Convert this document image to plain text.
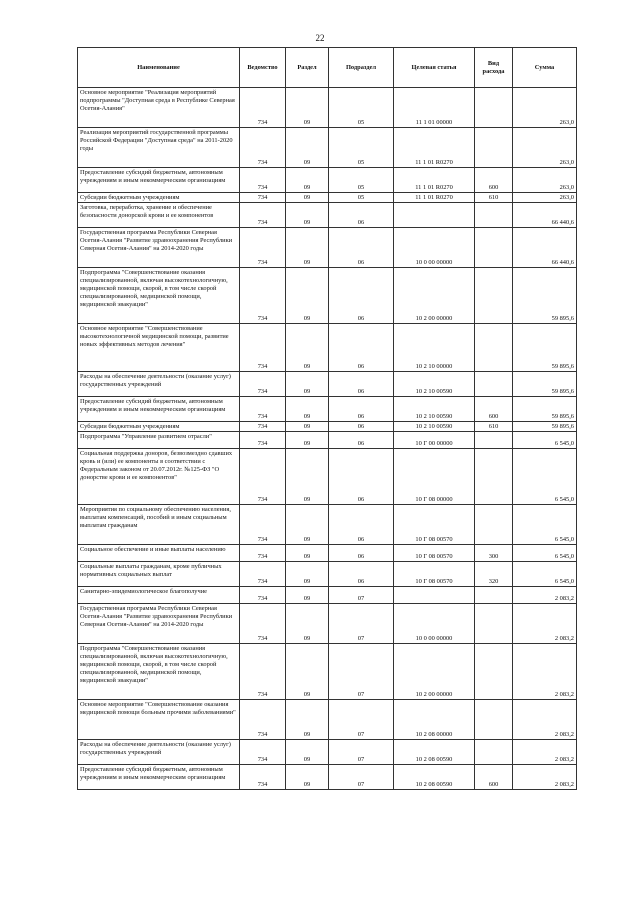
22
Наименование	Ведомство	Раздел	Подраздел	Целевая статья	Вид расхода	Сумма
Основное мероприятие "Реализация мероприятий подпрограммы "Доступная среда в Республике Северная Осетия-Алания"	734	09	05	11 1 01 00000		263,0
Реализация мероприятий государственной программы Российской Федерации "Доступная среда" на 2011-2020 годы	734	09	05	11 1 01 R0270		263,0
Предоставление субсидий бюджетным, автономным учреждениям и иным некоммерческим организациям	734	09	05	11 1 01 R0270	600	263,0
Субсидии бюджетным учреждениям	734	09	05	11 1 01 R0270	610	263,0
Заготовка, переработка, хранение и обеспечение безопасности донорской крови и ее компонентов	734	09	06			66 440,6
Государственная программа Республики Северная Осетия-Алания "Развитие здравоохранения Республики Северная Осетия-Алания" на 2014-2020 годы	734	09	06	10 0 00 00000		66 440,6
Подпрограмма "Совершенствование оказания специализированной, включая высокотехнологичную, медицинской помощи, скорой, в том числе скорой специализированной, медицинской помощи, медицинской эвакуации"	734	09	06	10 2 00 00000		59 895,6
Основное мероприятие "Совершенствование высокотехнологичной медицинской помощи, развитие новых эффективных методов лечения"	734	09	06	10 2 10 00000		59 895,6
Расходы на обеспечение деятельности (оказание услуг) государственных учреждений	734	09	06	10 2 10 00590		59 895,6
Предоставление субсидий бюджетным, автономным учреждениям и иным некоммерческим организациям	734	09	06	10 2 10 00590	600	59 895,6
Субсидии бюджетным учреждениям	734	09	06	10 2 10 00590	610	59 895,6
Подпрограмма "Управление развитием отрасли"	734	09	06	10 Г 00 00000		6 545,0
Социальная поддержка доноров, безвозмездно сдавших кровь и (или) ее компоненты в соответствии с Федеральным законом от 20.07.2012г. №125-ФЗ "О донорстве крови и ее компонентов"	734	09	06	10 Г 08 00000		6 545,0
Мероприятия по социальному обеспечению населения, выплатам компенсаций, пособий и иным социальным выплатам гражданам	734	09	06	10 Г 08 00570		6 545,0
Социальное обеспечение и иные выплаты населению	734	09	06	10 Г 08 00570	300	6 545,0
Социальные выплаты гражданам, кроме публичных нормативных социальных выплат	734	09	06	10 Г 08 00570	320	6 545,0
Санитарно-эпидемиологическое благополучие	734	09	07			2 083,2
Государственная программа Республики Северная Осетия-Алания "Развитие здравоохранения Республики Северная Осетия-Алания" на 2014-2020 годы	734	09	07	10 0 00 00000		2 083,2
Подпрограмма "Совершенствование оказания специализированной, включая высокотехнологичную, медицинской помощи, скорой, в том числе скорой специализированной, медицинской помощи, медицинской эвакуации"	734	09	07	10 2 00 00000		2 083,2
Основное мероприятие "Совершенствование оказания медицинской помощи больным прочими заболеваниями"	734	09	07	10 2 08 00000		2 083,2
Расходы на обеспечение деятельности (оказание услуг) государственных учреждений	734	09	07	10 2 08 00590		2 083,2
Предоставление субсидий бюджетным, автономным учреждениям и иным некоммерческим организациям	734	09	07	10 2 08 00590	600	2 083,2
